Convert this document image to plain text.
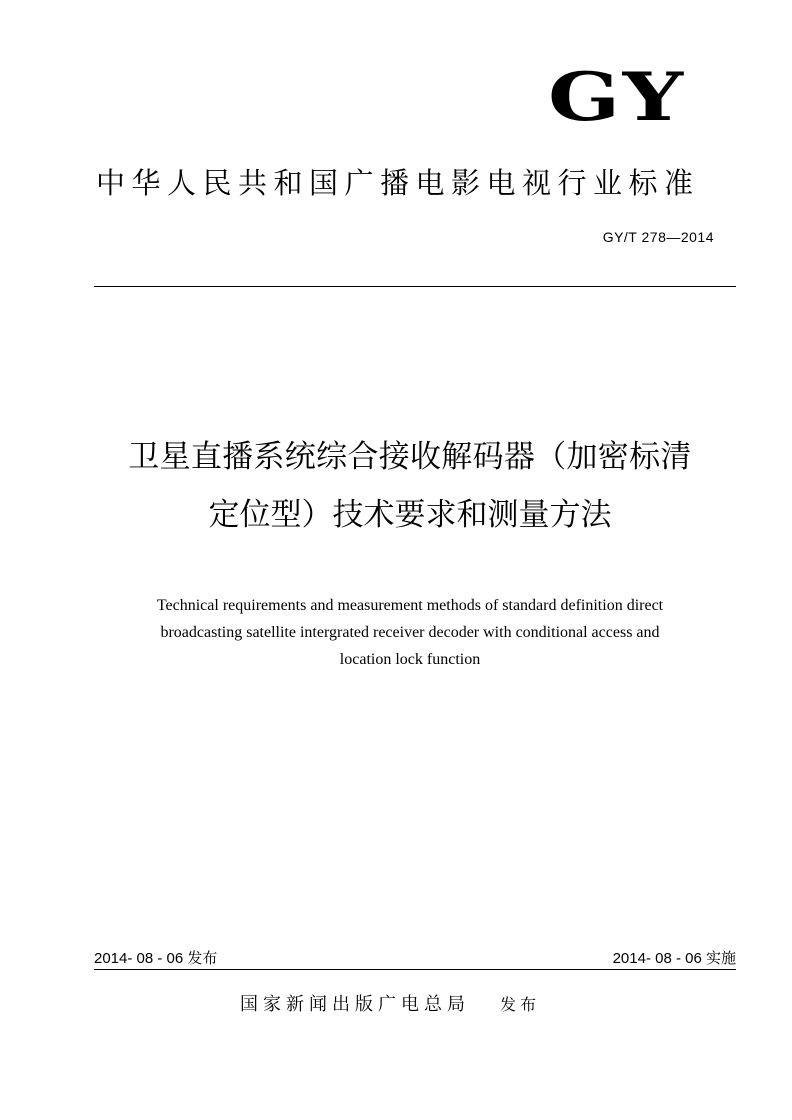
GY
中华人民共和国广播电影电视行业标准
GY/T 278—2014
卫星直播系统综合接收解码器（加密标清
定位型）技术要求和测量方法
Technical requirements and measurement methods of standard definition direct
broadcasting satellite intergrated receiver decoder with conditional access and
location lock function
2014- 08 - 06 发布	2014- 08 - 06 实施
国家新闻出版广电总局 发布
